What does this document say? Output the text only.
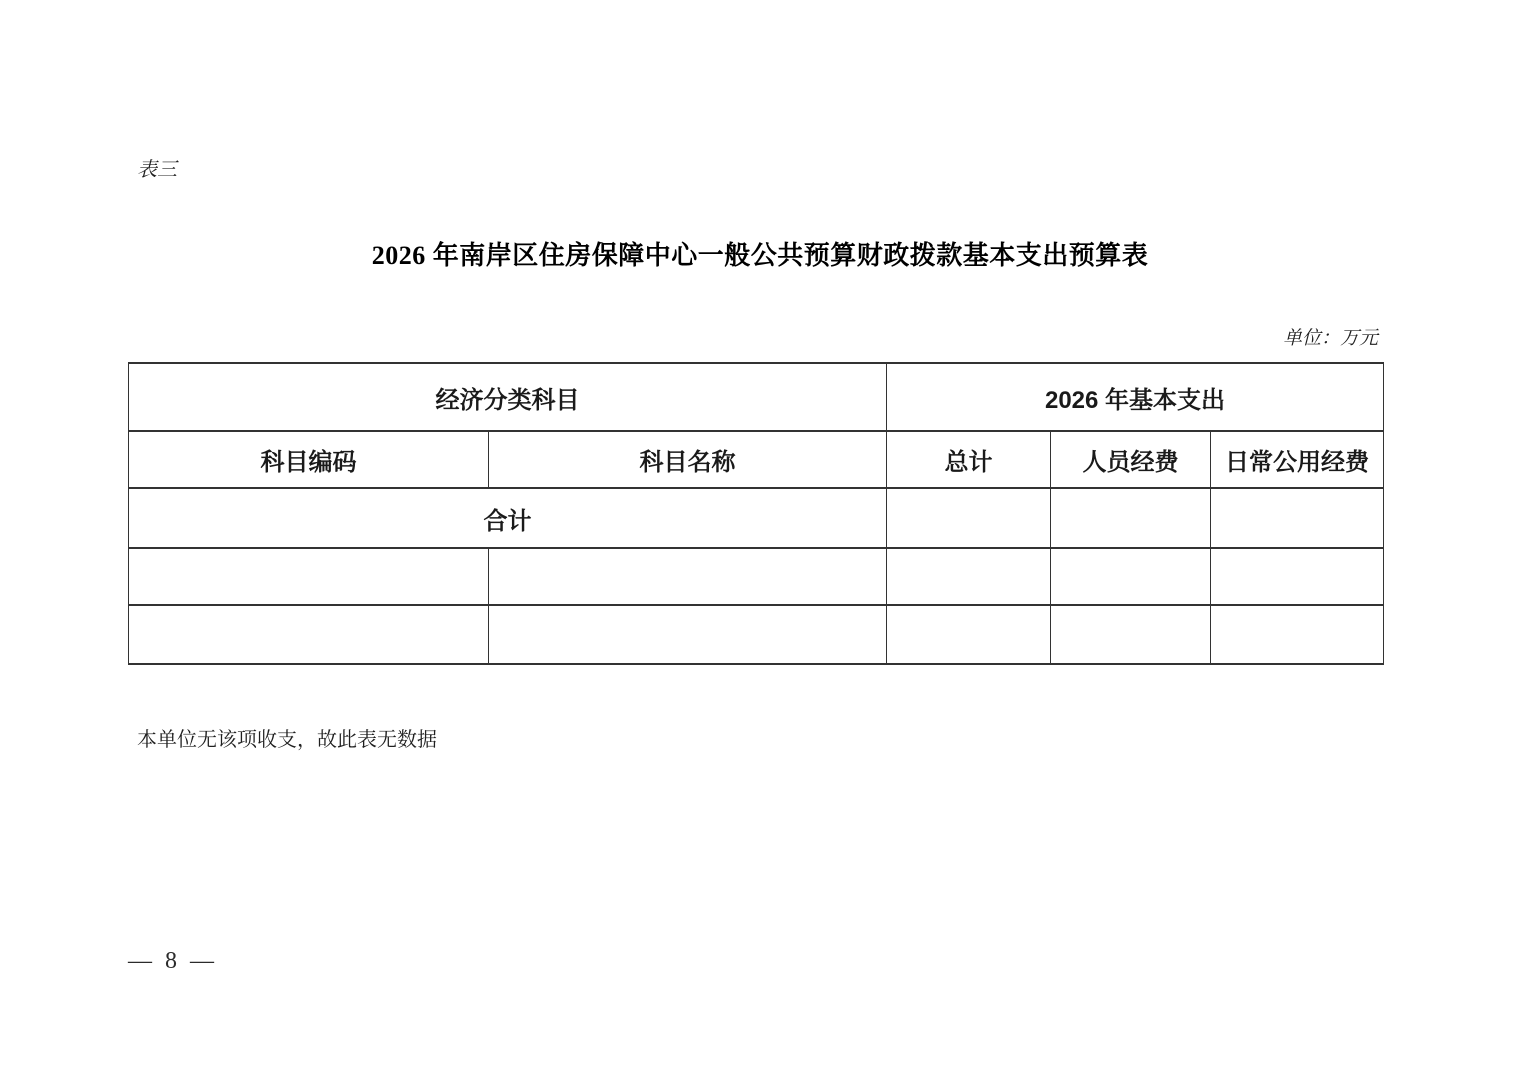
表三
2026 年南岸区住房保障中心一般公共预算财政拨款基本支出预算表
单位：万元
经济分类科目		2026 年基本支出		
科目编码	科目名称	总计	人员经费	日常公用经费
合计				

本单位无该项收支，故此表无数据
— 8 —
